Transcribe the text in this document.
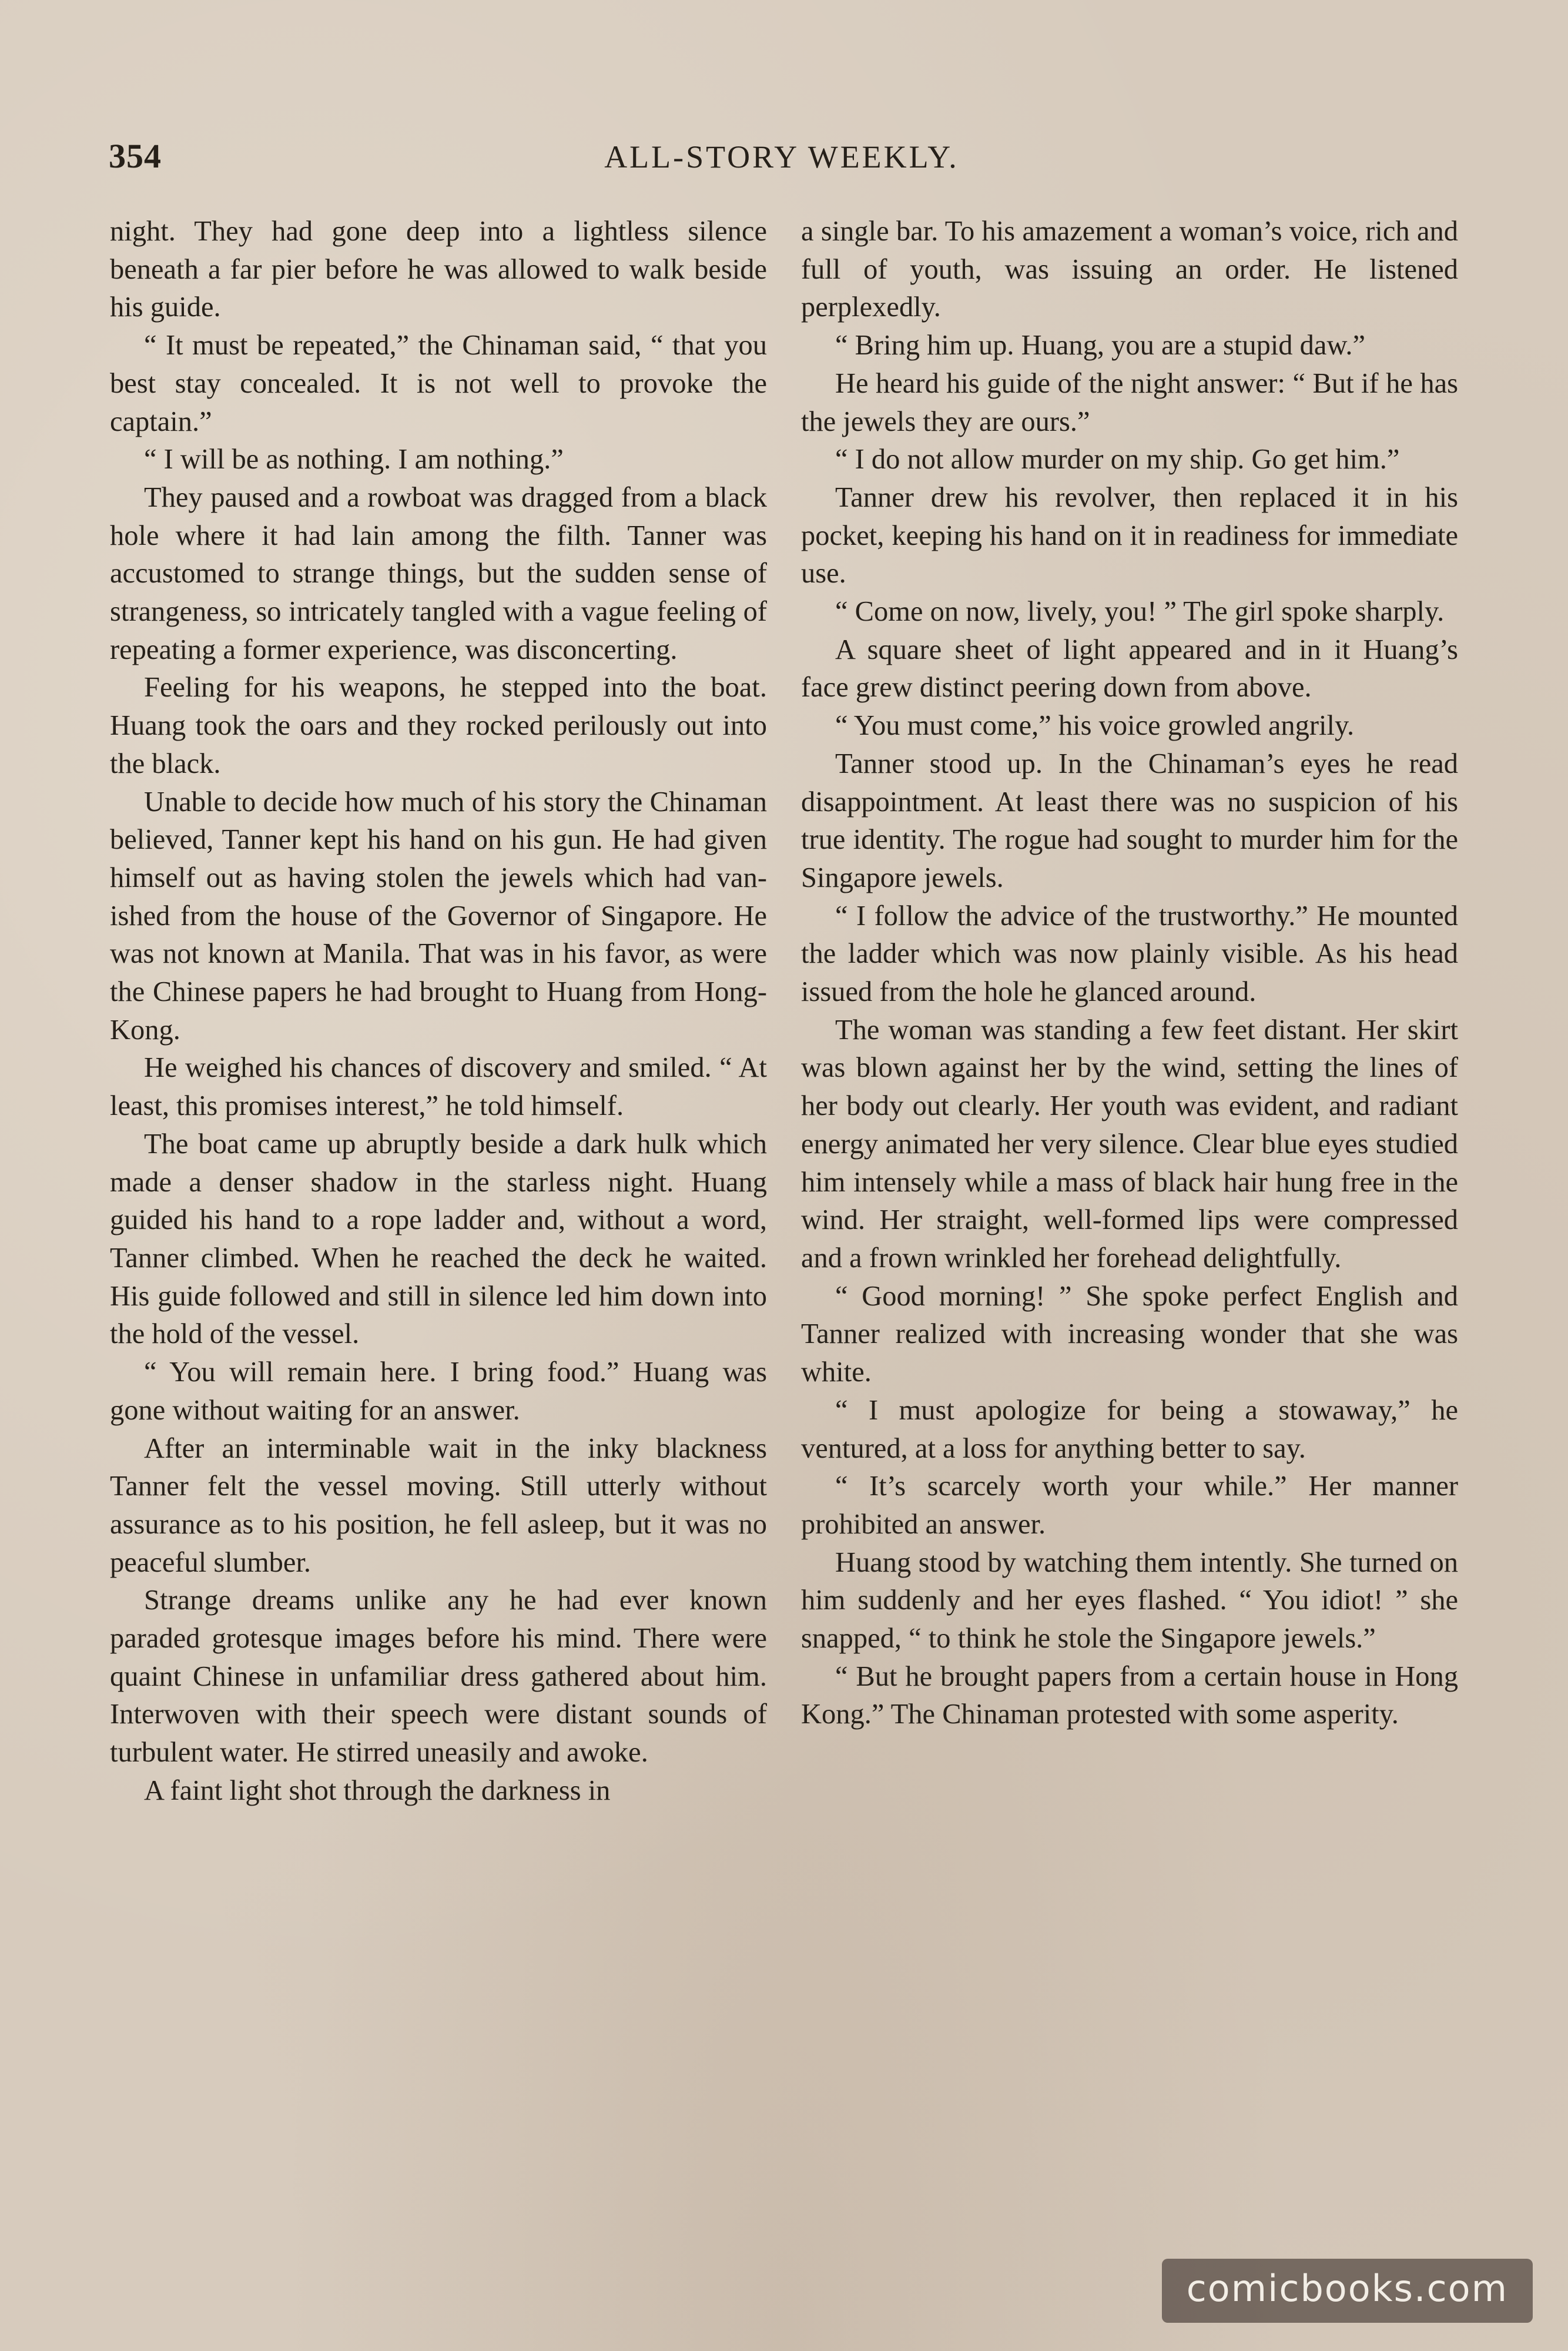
354	ALL-STORY WEEKLY.

night. They had gone deep into a lightless silence beneath a far pier before he was allowed to walk beside his guide.

“ It must be repeated,” the Chinaman said, “ that you best stay concealed. It is not well to provoke the captain.”

“ I will be as nothing. I am nothing.”

They paused and a rowboat was dragged from a black hole where it had lain among the filth. Tanner was accustomed to strange things, but the sudden sense of strangeness, so intricately tangled with a vague feeling of repeating a former experience, was disconcerting.

Feeling for his weapons, he stepped into the boat. Huang took the oars and they rocked perilously out into the black.

Unable to decide how much of his story the Chinaman believed, Tanner kept his hand on his gun. He had given himself out as having stolen the jewels which had vanished from the house of the Governor of Singapore. He was not known at Manila. That was in his favor, as were the Chinese papers he had brought to Huang from Hong-Kong.

He weighed his chances of discovery and smiled. “ At least, this promises interest,” he told himself.

The boat came up abruptly beside a dark hulk which made a denser shadow in the starless night. Huang guided his hand to a rope ladder and, without a word, Tanner climbed. When he reached the deck he waited. His guide followed and still in silence led him down into the hold of the vessel.

“ You will remain here. I bring food.” Huang was gone without waiting for an answer.

After an interminable wait in the inky blackness Tanner felt the vessel moving. Still utterly without assurance as to his position, he fell asleep, but it was no peaceful slumber.

Strange dreams unlike any he had ever known paraded grotesque images before his mind. There were quaint Chinese in unfamiliar dress gathered about him. Interwoven with their speech were distant sounds of turbulent water. He stirred uneasily and awoke.

A faint light shot through the darkness in

a single bar. To his amazement a woman’s voice, rich and full of youth, was issuing an order. He listened perplexedly.

“ Bring him up. Huang, you are a stupid daw.”

He heard his guide of the night answer: “ But if he has the jewels they are ours.”

“ I do not allow murder on my ship. Go get him.”

Tanner drew his revolver, then replaced it in his pocket, keeping his hand on it in readiness for immediate use.

“ Come on now, lively, you! ” The girl spoke sharply.

A square sheet of light appeared and in it Huang’s face grew distinct peering down from above.

“ You must come,” his voice growled angrily.

Tanner stood up. In the Chinaman’s eyes he read disappointment. At least there was no suspicion of his true identity. The rogue had sought to murder him for the Singapore jewels.

“ I follow the advice of the trustworthy.” He mounted the ladder which was now plainly visible. As his head issued from the hole he glanced around.

The woman was standing a few feet distant. Her skirt was blown against her by the wind, setting the lines of her body out clearly. Her youth was evident, and radiant energy animated her very silence. Clear blue eyes studied him intensely while a mass of black hair hung free in the wind. Her straight, well-formed lips were compressed and a frown wrinkled her forehead delightfully.

“ Good morning! ” She spoke perfect English and Tanner realized with increasing wonder that she was white.

“ I must apologize for being a stowaway,” he ventured, at a loss for anything better to say.

“ It’s scarcely worth your while.” Her manner prohibited an answer.

Huang stood by watching them intently. She turned on him suddenly and her eyes flashed. “ You idiot! ” she snapped, “ to think he stole the Singapore jewels.”

“ But he brought papers from a certain house in Hong Kong.” The Chinaman protested with some asperity.

comicbooks.com
